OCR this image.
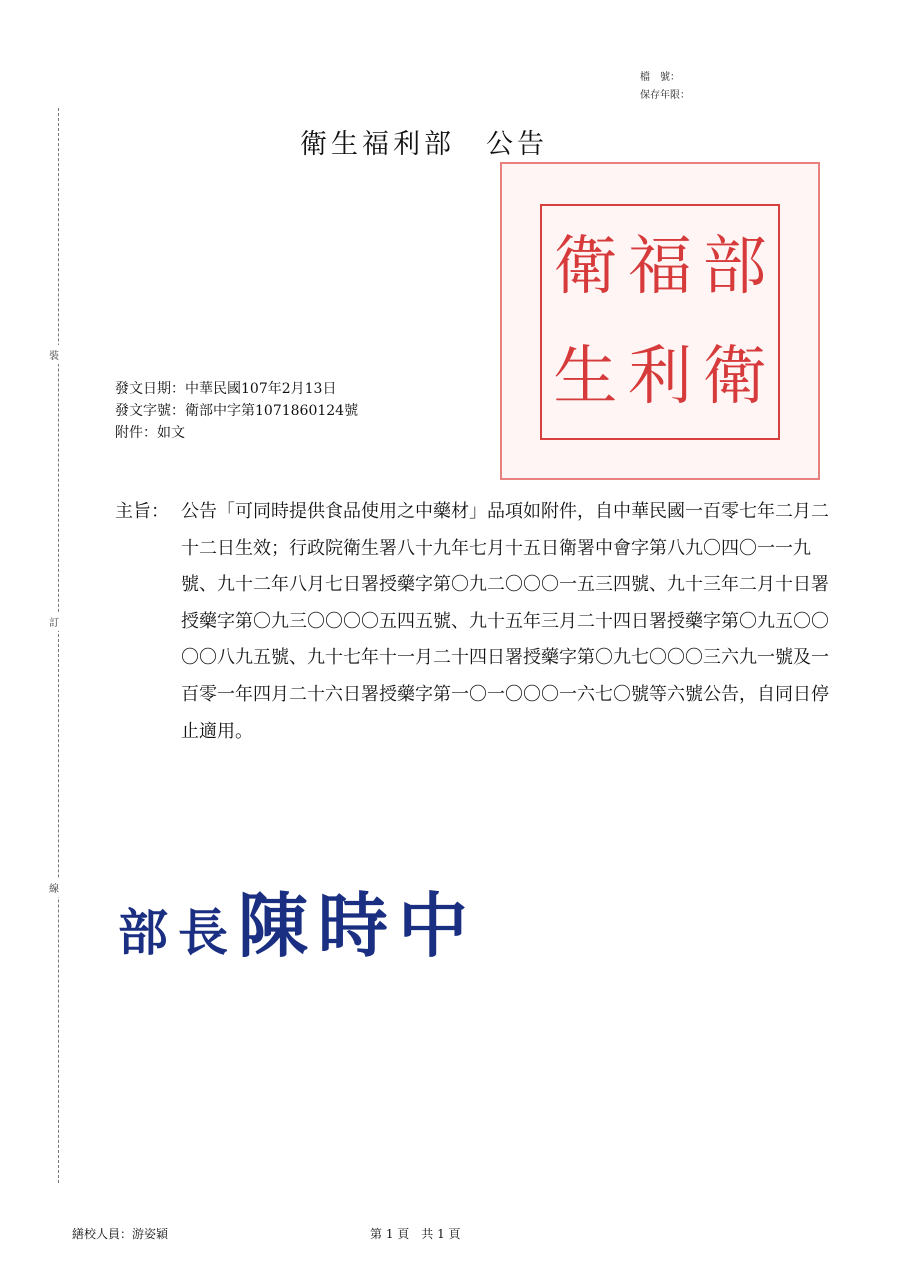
裝
訂
線
檔　號：
保存年限：
衛生福利部　公告
衛 福 部
生 利 衛
發文日期：中華民國107年2月13日
發文字號：衛部中字第1071860124號
附件：如文
主旨： 公告「可同時提供食品使用之中藥材」品項如附件，自中華民國一百零七年二月二十二日生效；行政院衛生署八十九年七月十五日衛署中會字第八九〇四〇一一九號、九十二年八月七日署授藥字第〇九二〇〇〇一五三四號、九十三年二月十日署授藥字第〇九三〇〇〇〇五四五號、九十五年三月二十四日署授藥字第〇九五〇〇〇〇八九五號、九十七年十一月二十四日署授藥字第〇九七〇〇〇三六九一號及一百零一年四月二十六日署授藥字第一〇一〇〇〇一六七〇號等六號公告，自同日停止適用。
部長陳時中
繕校人員：游姿穎	第 1 頁　共 1 頁
